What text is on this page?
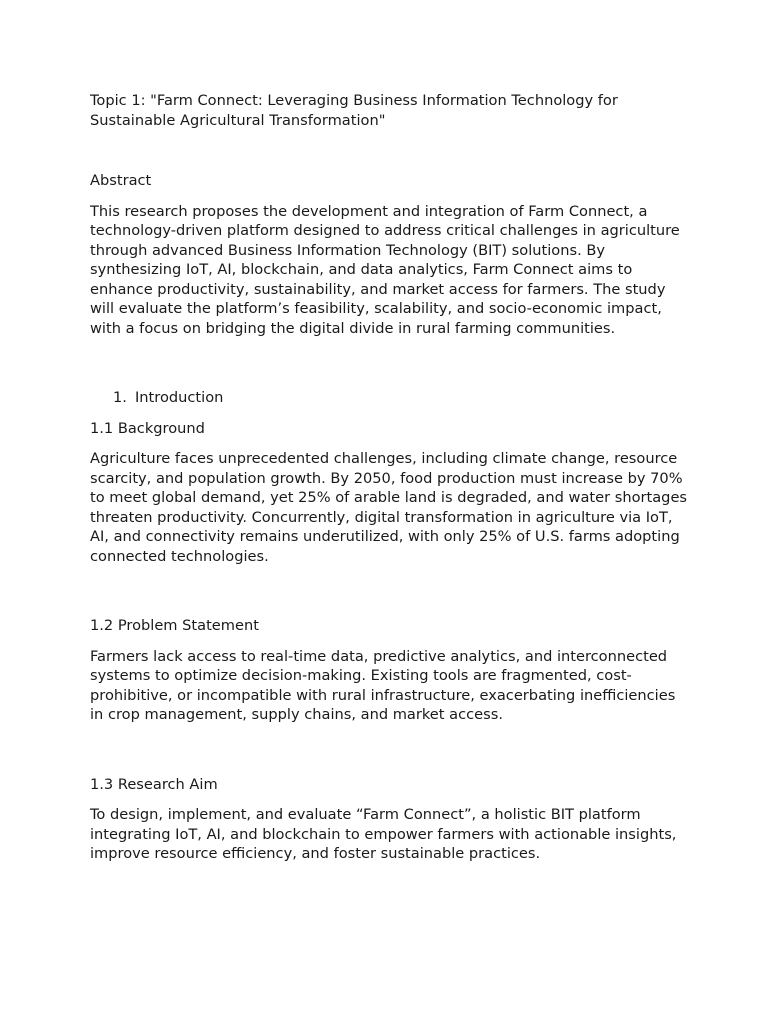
Topic 1: "Farm Connect: Leveraging Business Information Technology for Sustainable Agricultural Transformation"

Abstract

This research proposes the development and integration of Farm Connect, a technology-driven platform designed to address critical challenges in agriculture through advanced Business Information Technology (BIT) solutions. By synthesizing IoT, AI, blockchain, and data analytics, Farm Connect aims to enhance productivity, sustainability, and market access for farmers. The study will evaluate the platform’s feasibility, scalability, and socio-economic impact, with a focus on bridging the digital divide in rural farming communities.

1. Introduction

1.1 Background

Agriculture faces unprecedented challenges, including climate change, resource scarcity, and population growth. By 2050, food production must increase by 70% to meet global demand, yet 25% of arable land is degraded, and water shortages threaten productivity. Concurrently, digital transformation in agriculture via IoT, AI, and connectivity remains underutilized, with only 25% of U.S. farms adopting connected technologies.

1.2 Problem Statement

Farmers lack access to real-time data, predictive analytics, and interconnected systems to optimize decision-making. Existing tools are fragmented, cost-prohibitive, or incompatible with rural infrastructure, exacerbating inefficiencies in crop management, supply chains, and market access.

1.3 Research Aim

To design, implement, and evaluate “Farm Connect”, a holistic BIT platform integrating IoT, AI, and blockchain to empower farmers with actionable insights, improve resource efficiency, and foster sustainable practices.
